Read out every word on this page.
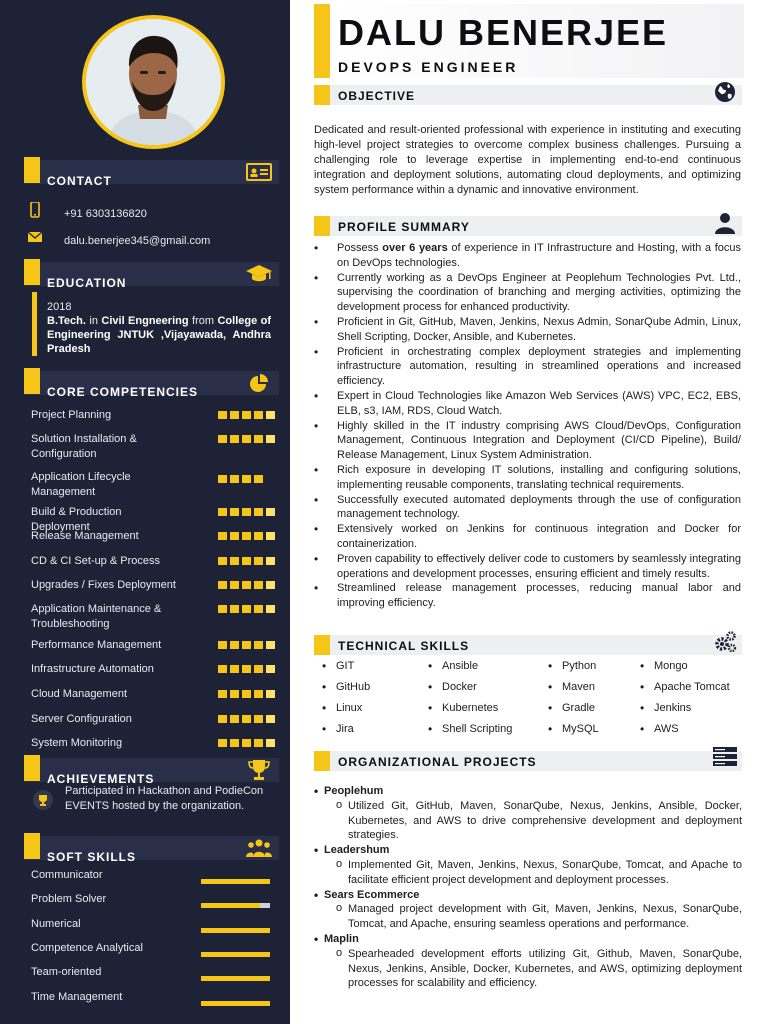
CONTACT
+91 6303136820
dalu.benerjee345@gmail.com
EDUCATION
2018
B.Tech. in Civil Engneering from College of Engineering JNTUK ,Vijayawada, Andhra Pradesh
CORE COMPETENCIES
Project Planning
Solution Installation & Configuration
Application Lifecycle Management
Build & Production Deployment
Release Management
CD & CI Set-up & Process
Upgrades / Fixes Deployment
Application Maintenance & Troubleshooting
Performance Management
Infrastructure Automation
Cloud Management
Server Configuration
System Monitoring
ACHIEVEMENTS
Participated in Hackathon and PodieCon EVENTS hosted by the organization.
SOFT SKILLS
Communicator
Problem Solver
Numerical
Competence Analytical
Team-oriented
Time Management
DALU BENERJEE
DEVOPS ENGINEER
OBJECTIVE
Dedicated and result-oriented professional with experience in instituting and executing high-level project strategies to overcome complex business challenges. Pursuing a challenging role to leverage expertise in implementing end-to-end continuous integration and deployment solutions, automating cloud deployments, and optimizing system performance within a dynamic and innovative environment.
PROFILE SUMMARY
• Possess over 6 years of experience in IT Infrastructure and Hosting, with a focus on DevOps technologies.
• Currently working as a DevOps Engineer at Peoplehum Technologies Pvt. Ltd., supervising the coordination of branching and merging activities, optimizing the development process for enhanced productivity.
• Proficient in Git, GitHub, Maven, Jenkins, Nexus Admin, SonarQube Admin, Linux, Shell Scripting, Docker, Ansible, and Kubernetes.
• Proficient in orchestrating complex deployment strategies and implementing infrastructure automation, resulting in streamlined operations and increased efficiency.
• Expert in Cloud Technologies like Amazon Web Services (AWS) VPC, EC2, EBS, ELB, s3, IAM, RDS, Cloud Watch.
• Highly skilled in the IT industry comprising AWS Cloud/DevOps, Configuration Management, Continuous Integration and Deployment (CI/CD Pipeline), Build/ Release Management, Linux System Administration.
• Rich exposure in developing IT solutions, installing and configuring solutions, implementing reusable components, translating technical requirements.
• Successfully executed automated deployments through the use of configuration management technology.
• Extensively worked on Jenkins for continuous integration and Docker for containerization.
• Proven capability to effectively deliver code to customers by seamlessly integrating operations and development processes, ensuring efficient and timely results.
• Streamlined release management processes, reducing manual labor and improving efficiency.
TECHNICAL SKILLS
• GIT
• GitHub
• Linux
• Jira
• Ansible
• Docker
• Kubernetes
• Shell Scripting
• Python
• Maven
• Gradle
• MySQL
• Mongo
• Apache Tomcat
• Jenkins
• AWS
ORGANIZATIONAL PROJECTS
• Peoplehum
o Utilized Git, GitHub, Maven, SonarQube, Nexus, Jenkins, Ansible, Docker, Kubernetes, and AWS to drive comprehensive development and deployment strategies.
• Leadershum
o Implemented Git, Maven, Jenkins, Nexus, SonarQube, Tomcat, and Apache to facilitate efficient project development and deployment processes.
• Sears Ecommerce
o Managed project development with Git, Maven, Jenkins, Nexus, SonarQube, Tomcat, and Apache, ensuring seamless operations and performance.
• Maplin
o Spearheaded development efforts utilizing Git, Github, Maven, SonarQube, Nexus, Jenkins, Ansible, Docker, Kubernetes, and AWS, optimizing deployment processes for scalability and efficiency.
